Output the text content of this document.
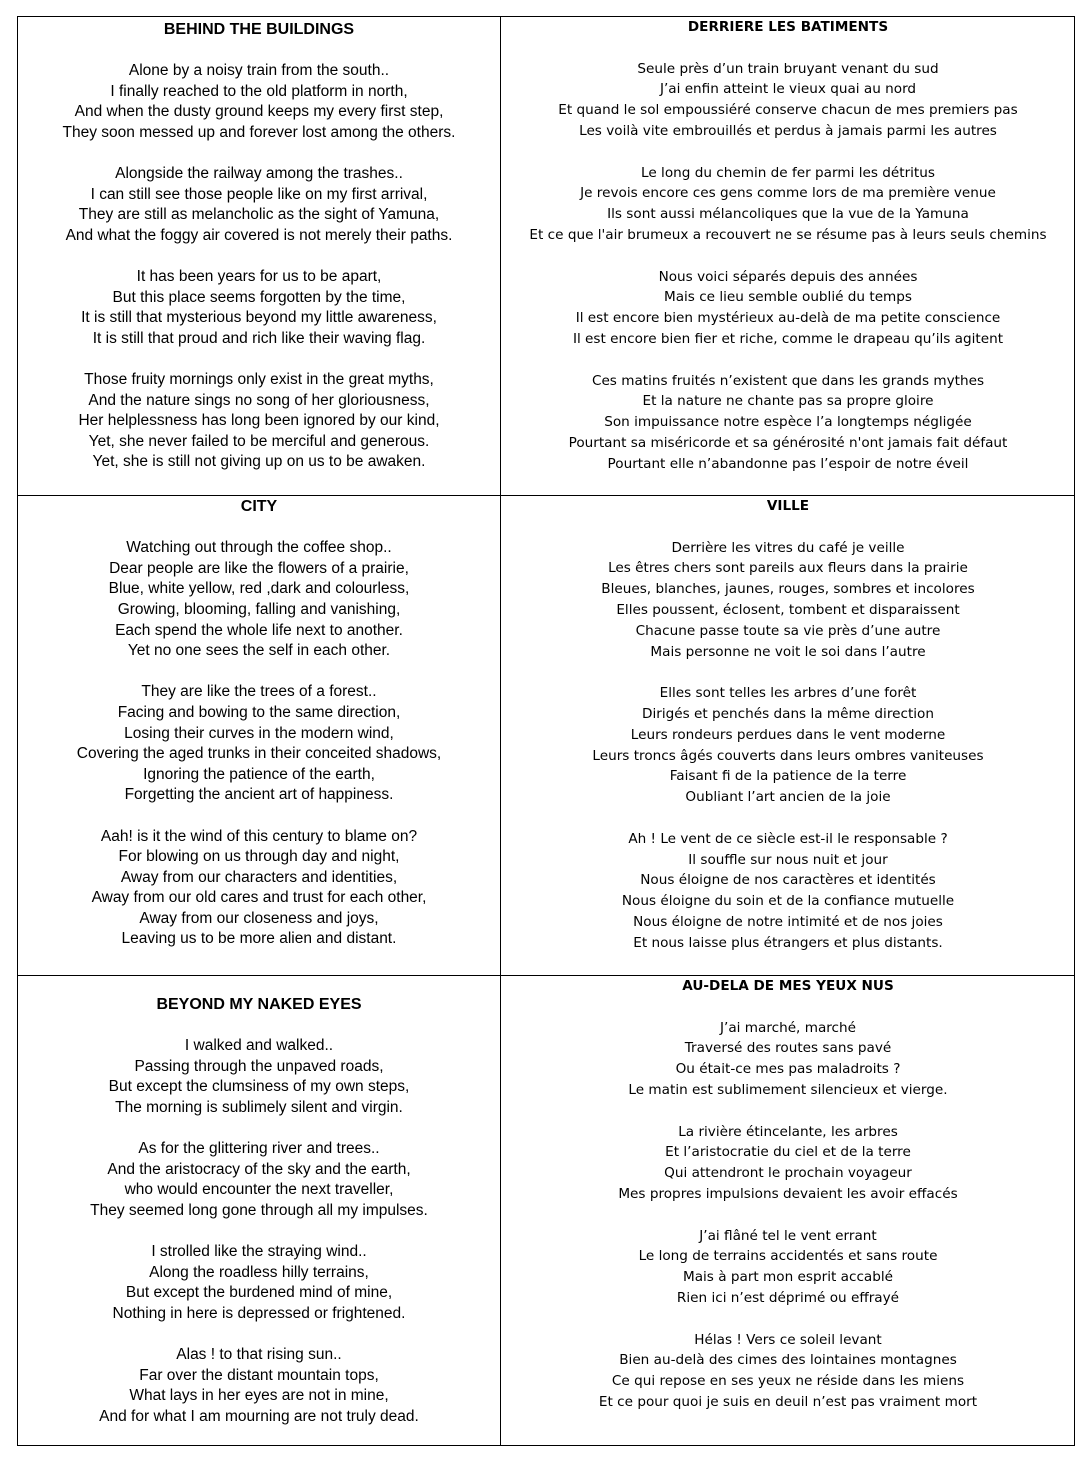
BEHIND THE BUILDINGS
Alone by a noisy train from the south..
I finally reached to the old platform in north,
And when the dusty ground keeps my every first step,
They soon messed up and forever lost among the others.
Alongside the railway among the trashes..
I can still see those people like on my first arrival,
They are still as melancholic as the sight of Yamuna,
And what the foggy air covered is not merely their paths.
It has been years for us to be apart,
But this place seems forgotten by the time,
It is still that mysterious beyond my little awareness,
It is still that proud and rich like their waving flag.
Those fruity mornings only exist in the great myths,
And the nature sings no song of her gloriousness,
Her helplessness has long been ignored by our kind,
Yet, she never failed to be merciful and generous.
Yet, she is still not giving up on us to be awaken.
DERRIERE LES BATIMENTS
Seule près d’un train bruyant venant du sud
J’ai enfin atteint le vieux quai au nord
Et quand le sol empoussiéré conserve chacun de mes premiers pas
Les voilà vite embrouillés et perdus à jamais parmi les autres
Le long du chemin de fer parmi les détritus
Je revois encore ces gens comme lors de ma première venue
Ils sont aussi mélancoliques que la vue de la Yamuna
Et ce que l'air brumeux a recouvert ne se résume pas à leurs seuls chemins
Nous voici séparés depuis des années
Mais ce lieu semble oublié du temps
Il est encore bien mystérieux au-delà de ma petite conscience
Il est encore bien fier et riche, comme le drapeau qu’ils agitent
Ces matins fruités n’existent que dans les grands mythes
Et la nature ne chante pas sa propre gloire
Son impuissance notre espèce l’a longtemps négligée
Pourtant sa miséricorde et sa générosité n'ont jamais fait défaut
Pourtant elle n’abandonne pas l’espoir de notre éveil
CITY
Watching out through the coffee shop..
Dear people are like the flowers of a prairie,
Blue, white yellow, red ,dark and colourless,
Growing, blooming, falling and vanishing,
Each spend the whole life next to another.
Yet no one sees the self in each other.
They are like the trees of a forest..
Facing and bowing to the same direction,
Losing their curves in the modern wind,
Covering the aged trunks in their conceited shadows,
Ignoring the patience of the earth,
Forgetting the ancient art of happiness.
Aah! is it the wind of this century to blame on?
For blowing on us through day and night,
Away from our characters and identities,
Away from our old cares and trust for each other,
Away from our closeness and joys,
Leaving us to be more alien and distant.
VILLE
Derrière les vitres du café je veille
Les êtres chers sont pareils aux fleurs dans la prairie
Bleues, blanches, jaunes, rouges, sombres et incolores
Elles poussent, éclosent, tombent et disparaissent
Chacune passe toute sa vie près d’une autre
Mais personne ne voit le soi dans l’autre
Elles sont telles les arbres d’une forêt
Dirigés et penchés dans la même direction
Leurs rondeurs perdues dans le vent moderne
Leurs troncs âgés couverts dans leurs ombres vaniteuses
Faisant fi de la patience de la terre
Oubliant l’art ancien de la joie
Ah ! Le vent de ce siècle est-il le responsable ?
Il souffle sur nous nuit et jour
Nous éloigne de nos caractères et identités
Nous éloigne du soin et de la confiance mutuelle
Nous éloigne de notre intimité et de nos joies
Et nous laisse plus étrangers et plus distants.
BEYOND MY NAKED EYES
I walked and walked..
Passing through the unpaved roads,
But except the clumsiness of my own steps,
The morning is sublimely silent and virgin.
As for the glittering river and trees..
And the aristocracy of the sky and the earth,
who would encounter the next traveller,
They seemed long gone through all my impulses.
I strolled like the straying wind..
Along the roadless hilly terrains,
But except the burdened mind of mine,
Nothing in here is depressed or frightened.
Alas ! to that rising sun..
Far over the distant mountain tops,
What lays in her eyes are not in mine,
And for what I am mourning are not truly dead.
AU-DELA DE MES YEUX NUS
J’ai marché, marché
Traversé des routes sans pavé
Ou était-ce mes pas maladroits ?
Le matin est sublimement silencieux et vierge.
La rivière étincelante, les arbres
Et l’aristocratie du ciel et de la terre
Qui attendront le prochain voyageur
Mes propres impulsions devaient les avoir effacés
J’ai flâné tel le vent errant
Le long de terrains accidentés et sans route
Mais à part mon esprit accablé
Rien ici n’est déprimé ou effrayé
Hélas ! Vers ce soleil levant
Bien au-delà des cimes des lointaines montagnes
Ce qui repose en ses yeux ne réside dans les miens
Et ce pour quoi je suis en deuil n’est pas vraiment mort
